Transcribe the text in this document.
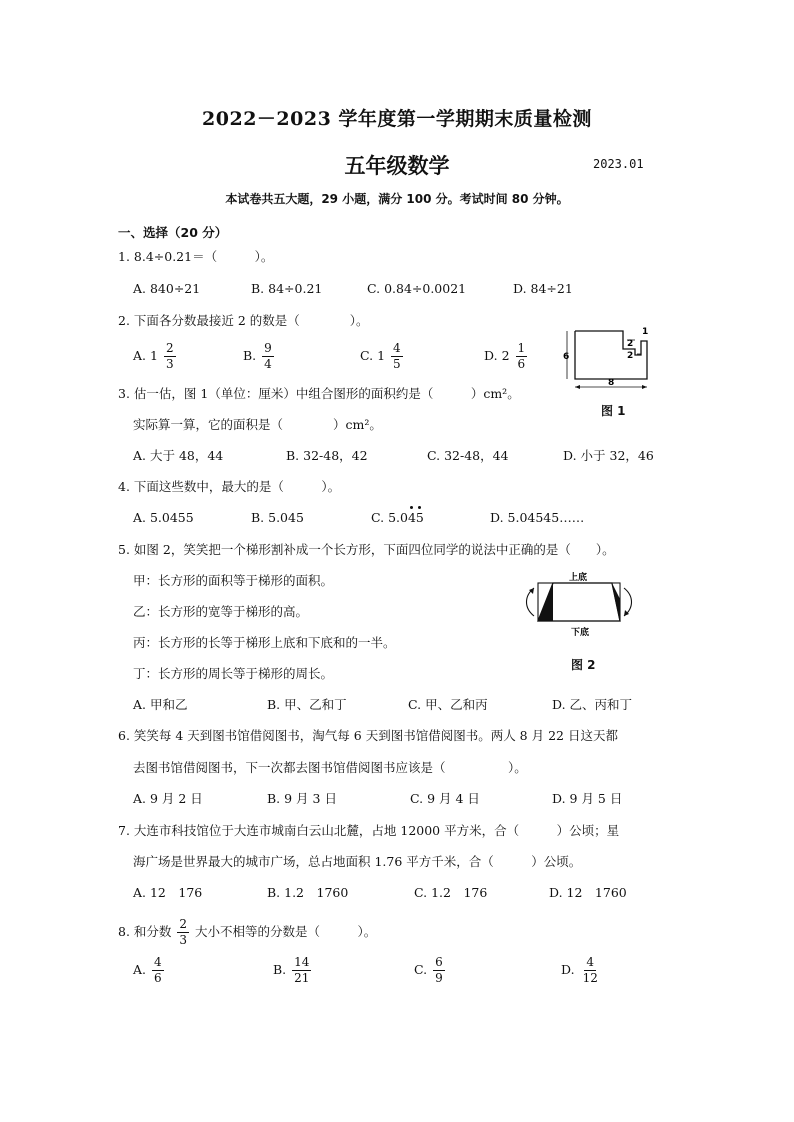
2022－2023 学年度第一学期期末质量检测
五年级数学	2023.01
本试卷共五大题，29 小题，满分 100 分。考试时间 80 分钟。
一、选择（20 分）
1. 8.4÷0.21＝（　　　）。
A. 840÷21	B. 84÷0.21	C. 0.84÷0.0021	D. 84÷21
2. 下面各分数最接近 2 的数是（　　　　）。
A. $1 \frac{2}{3}$	B. $\frac{9}{4}$	C. $1 \frac{4}{5}$	D. $2 \frac{1}{6}$	6
8
2
2
1
图 1
3. 估一估，图 1（单位：厘米）中组合图形的面积约是（　　　）cm²。
实际算一算，它的面积是（　　　　）cm²。
A. 大于 48，44	B. 32-48，42	C. 32-48，44	D. 小于 32，46
4. 下面这些数中，最大的是（　　　）。
A. 5.0455	B. 5.045	C. 5.045	D. 5.04545……
5. 如图 2，笑笑把一个梯形割补成一个长方形，下面四位同学的说法中正确的是（　　）。
甲：长方形的面积等于梯形的面积。
乙：长方形的宽等于梯形的高。
丙：长方形的长等于梯形上底和下底和的一半。
丁：长方形的周长等于梯形的周长。
上底
下底
图 2
A. 甲和乙	B. 甲、乙和丁	C. 甲、乙和丙	D. 乙、丙和丁
6. 笑笑每 4 天到图书馆借阅图书，淘气每 6 天到图书馆借阅图书。两人 8 月 22 日这天都
去图书馆借阅图书，下一次都去图书馆借阅图书应该是（　　　　　）。
A. 9 月 2 日	B. 9 月 3 日	C. 9 月 4 日	D. 9 月 5 日
7. 大连市科技馆位于大连市城南白云山北麓，占地 12000 平方米，合（　　　）公顷；星
海广场是世界最大的城市广场，总占地面积 1.76 平方千米，合（　　　）公顷。
A. 12　176	B. 1.2　1760	C. 1.2　176	D. 12　1760
8. 和分数 $\frac{2}{3}$ 大小不相等的分数是（　　　）。
A. $\frac{4}{6}$	B. $\frac{14}{21}$	C. $\frac{6}{9}$	D. $\frac{4}{12}$
